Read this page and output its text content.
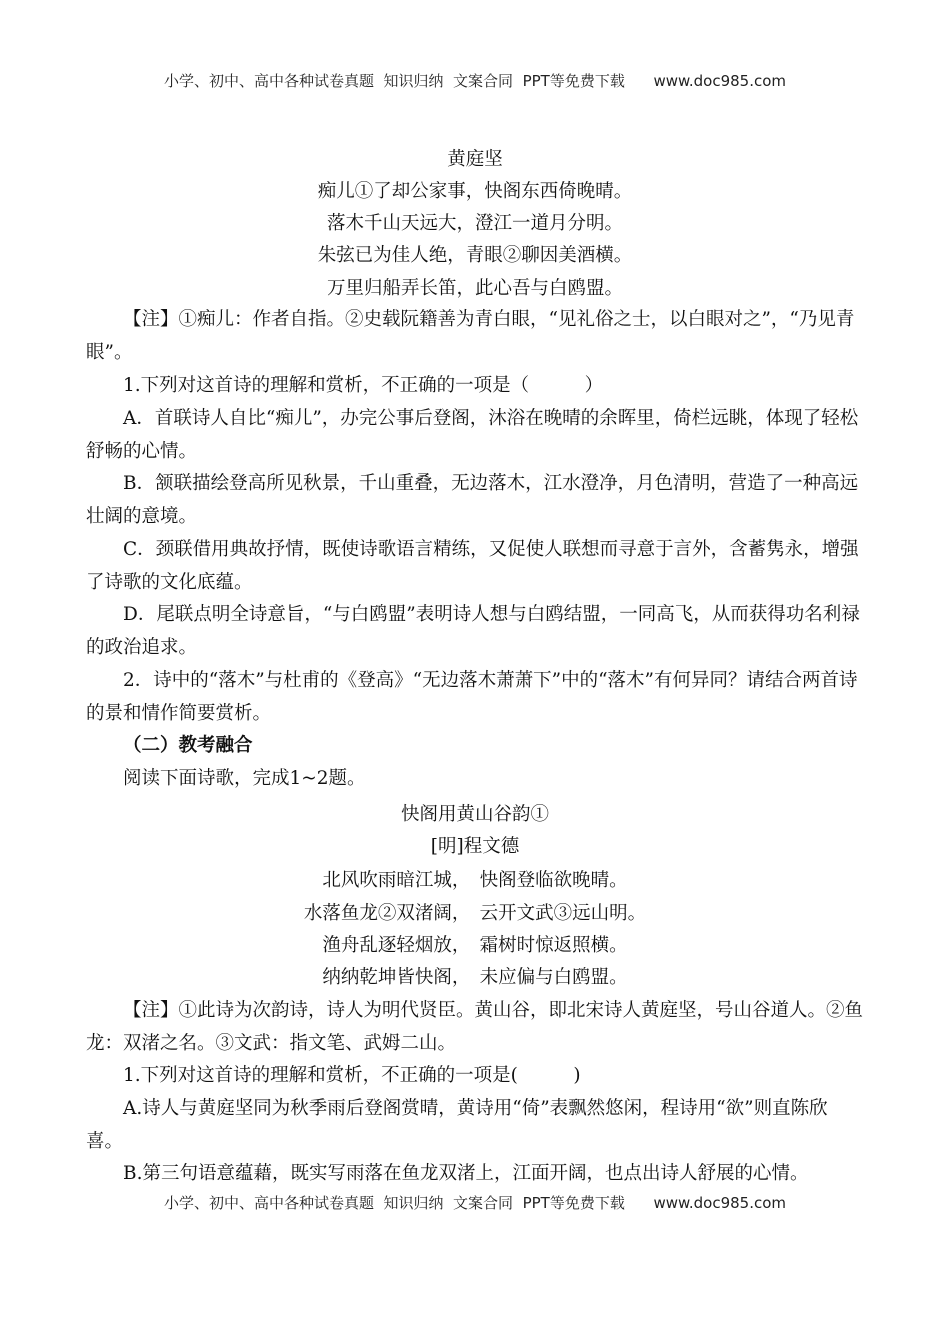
小学、初中、高中各种试卷真题  知识归纳  文案合同  PPT等免费下载      www.doc985.com
黄庭坚
痴儿①了却公家事，快阁东西倚晚晴。
落木千山天远大，澄江一道月分明。
朱弦已为佳人绝，青眼②聊因美酒横。
万里归船弄长笛，此心吾与白鸥盟。
【注】①痴儿：作者自指。②史载阮籍善为青白眼，“见礼俗之士，以白眼对之”，“乃见青眼”。
1.下列对这首诗的理解和赏析，不正确的一项是（　　　）
A．首联诗人自比“痴儿”，办完公事后登阁，沐浴在晚晴的余晖里，倚栏远眺，体现了轻松舒畅的心情。
B．颔联描绘登高所见秋景，千山重叠，无边落木，江水澄净，月色清明，营造了一种高远壮阔的意境。
C．颈联借用典故抒情，既使诗歌语言精练，又促使人联想而寻意于言外，含蓄隽永，增强了诗歌的文化底蕴。
D．尾联点明全诗意旨，“与白鸥盟”表明诗人想与白鸥结盟，一同高飞，从而获得功名利禄的政治追求。
2．诗中的“落木”与杜甫的《登高》“无边落木萧萧下”中的“落木”有何异同？请结合两首诗的景和情作简要赏析。
（二）教考融合
阅读下面诗歌，完成1~2题。
快阁用黄山谷韵①
[明]程文德
北风吹雨暗江城，　快阁登临欲晚晴。
水落鱼龙②双渚阔，　云开文武③远山明。
渔舟乱逐轻烟放，　霜树时惊返照横。
纳纳乾坤皆快阁，　未应偏与白鸥盟。
【注】①此诗为次韵诗，诗人为明代贤臣。黄山谷，即北宋诗人黄庭坚，号山谷道人。②鱼龙：双渚之名。③文武：指文笔、武姆二山。
1.下列对这首诗的理解和赏析，不正确的一项是(　　　)
A.诗人与黄庭坚同为秋季雨后登阁赏晴，黄诗用“倚”表飘然悠闲，程诗用“欲”则直陈欣喜。
B.第三句语意蕴藉，既实写雨落在鱼龙双渚上，江面开阔，也点出诗人舒展的心情。
小学、初中、高中各种试卷真题  知识归纳  文案合同  PPT等免费下载      www.doc985.com
